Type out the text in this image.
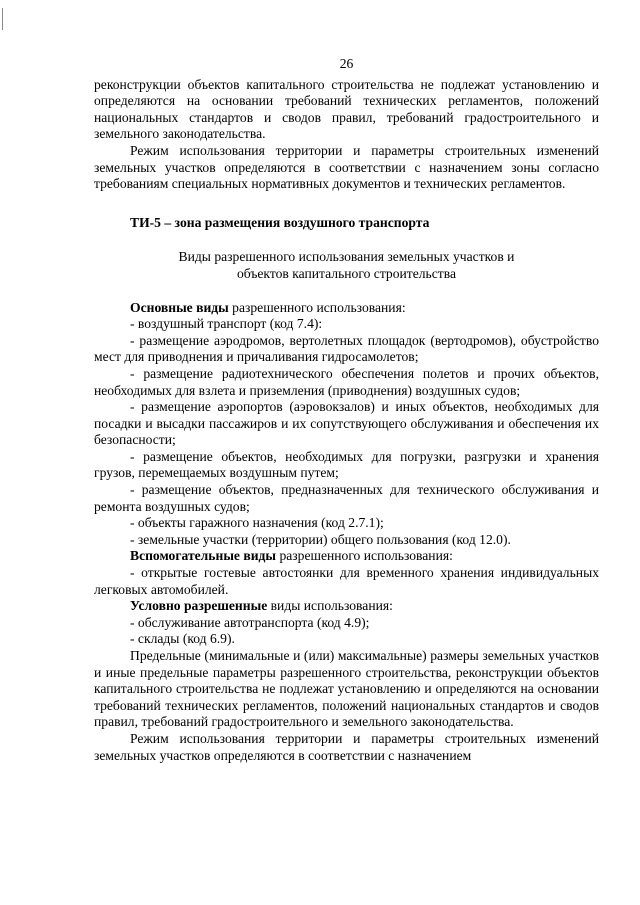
26

реконструкции объектов капитального строительства не подлежат установлению и определяются на основании требований технических регламентов, положений национальных стандартов и сводов правил, требований градостроительного и земельного законодательства.

Режим использования территории и параметры строительных изменений земельных участков определяются в соответствии с назначением зоны согласно требованиям специальных нормативных документов и технических регламентов.

ТИ-5 – зона размещения воздушного транспорта
Виды разрешенного использования земельных участков и
объектов капитального строительства

Основные виды разрешенного использования:

- воздушный транспорт (код 7.4):

- размещение аэродромов, вертолетных площадок (вертодромов), обустройство мест для приводнения и причаливания гидросамолетов;

- размещение радиотехнического обеспечения полетов и прочих объектов, необходимых для взлета и приземления (приводнения) воздушных судов;

- размещение аэропортов (аэровокзалов) и иных объектов, необходимых для посадки и высадки пассажиров и их сопутствующего обслуживания и обеспечения их безопасности;

- размещение объектов, необходимых для погрузки, разгрузки и хранения грузов, перемещаемых воздушным путем;

- размещение объектов, предназначенных для технического обслуживания и ремонта воздушных судов;

- объекты гаражного назначения (код 2.7.1);

- земельные участки (территории) общего пользования (код 12.0).

Вспомогательные виды разрешенного использования:

- открытые гостевые автостоянки для временного хранения индивидуальных легковых автомобилей.

Условно разрешенные виды использования:

- обслуживание автотранспорта (код 4.9);

- склады (код 6.9).

Предельные (минимальные и (или) максимальные) размеры земельных участков и иные предельные параметры разрешенного строительства, реконструкции объектов капитального строительства не подлежат установлению и определяются на основании требований технических регламентов, положений национальных стандартов и сводов правил, требований градостроительного и земельного законодательства.

Режим использования территории и параметры строительных изменений земельных участков определяются в соответствии с назначением
